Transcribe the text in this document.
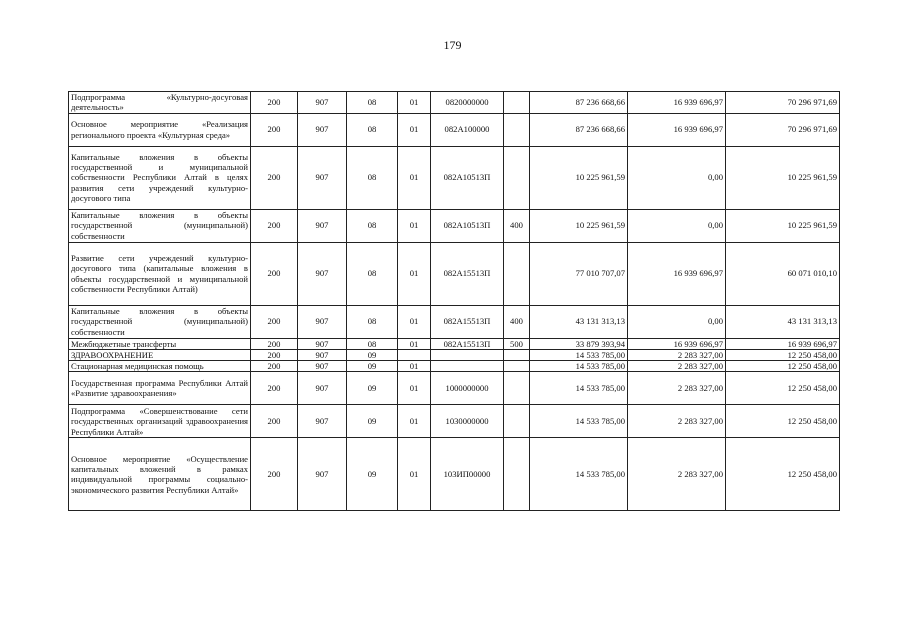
179
Подпрограмма «Культурно-досуговая деятельность»	200	907	08	01	0820000000		87 236 668,66	16 939 696,97	70 296 971,69
Основное мероприятие «Реализация регионального проекта «Культурная среда»	200	907	08	01	082A100000		87 236 668,66	16 939 696,97	70 296 971,69
Капитальные вложения в объекты государственной и муниципальной собственности Республики Алтай в целях развития сети учреждений культурно-досугового типа	200	907	08	01	082A10513П		10 225 961,59	0,00	10 225 961,59
Капитальные вложения в объекты государственной (муниципальной) собственности	200	907	08	01	082A10513П	400	10 225 961,59	0,00	10 225 961,59
Развитие сети учреждений культурно-досугового типа (капитальные вложения в объекты государственной и муниципальной собственности Республики Алтай)	200	907	08	01	082A15513П		77 010 707,07	16 939 696,97	60 071 010,10
Капитальные вложения в объекты государственной (муниципальной) собственности	200	907	08	01	082A15513П	400	43 131 313,13	0,00	43 131 313,13
Межбюджетные трансферты	200	907	08	01	082A15513П	500	33 879 393,94	16 939 696,97	16 939 696,97
ЗДРАВООХРАНЕНИЕ	200	907	09				14 533 785,00	2 283 327,00	12 250 458,00
Стационарная медицинская помощь	200	907	09	01			14 533 785,00	2 283 327,00	12 250 458,00
Государственная программа Республики Алтай «Развитие здравоохранения»	200	907	09	01	1000000000		14 533 785,00	2 283 327,00	12 250 458,00
Подпрограмма «Совершенствование сети государственных организаций здравоохранения Республики Алтай»	200	907	09	01	1030000000		14 533 785,00	2 283 327,00	12 250 458,00
Основное мероприятие «Осуществление капитальных вложений в рамках индивидуальной программы социально-экономического развития Республики Алтай»	200	907	09	01	103ИП00000		14 533 785,00	2 283 327,00	12 250 458,00
